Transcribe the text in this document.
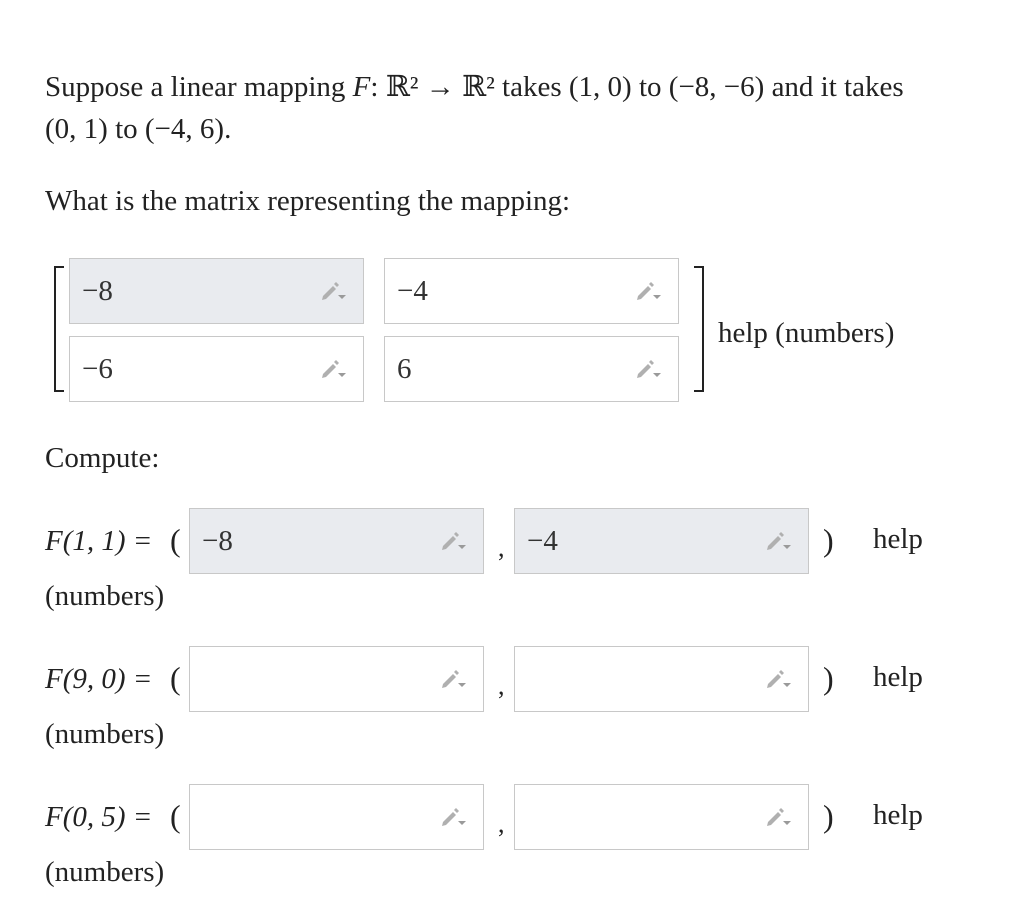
Suppose a linear mapping F: ℝ² → ℝ² takes (1, 0) to (−8, −6) and it takes
(0, 1) to (−4, 6).

What is the matrix representing the mapping:

−8	−4
−6	6
help (numbers)

Compute:

F(1, 1) = ( −8	, −4	) help
(numbers)
F(9, 0) = (	,	) help
(numbers)
F(0, 5) = (	,	) help
(numbers)
